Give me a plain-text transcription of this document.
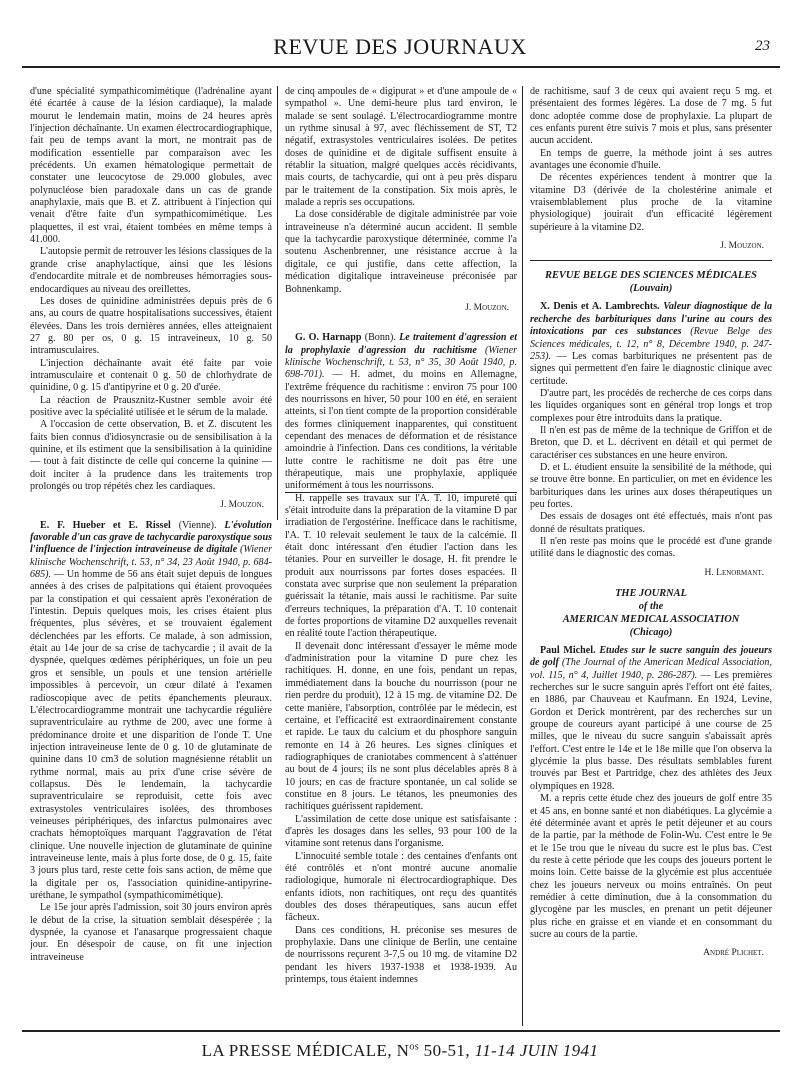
REVUE DES JOURNAUX	23

d'une spécialité sympathicomimétique (l'adrénaline ayant été écartée à cause de la lésion cardiaque), la malade mourut le lendemain matin, moins de 24 heures après l'injection déchaînante. Un examen électrocardiographique, fait peu de temps avant la mort, ne montrait pas de modification essentielle par comparaison avec les précédents. Un examen hématologique permettait de constater une leucocytose de 29.000 globules, avec polynucléose bien paradoxale dans un cas de grande anaphylaxie, mais que B. et Z. attribuent à l'injection qui venait d'être faite d'un sympathicomimétique. Les plaquettes, il est vrai, étaient tombées en même temps à 41.000.

L'autopsie permit de retrouver les lésions classiques de la grande crise anaphylactique, ainsi que les lésions d'endocardite mitrale et de nombreuses hémorragies sous-endocardiques au niveau des oreillettes.

Les doses de quinidine administrées depuis près de 6 ans, au cours de quatre hospitalisations successives, étaient élevées. Dans les trois dernières années, elles atteignaient 27 g. 80 per os, 0 g. 15 intraveineux, 10 g. 50 intramusculaires.

L'injection déchaînante avait été faite par voie intramusculaire et contenait 0 g. 50 de chlorhydrate de quinidine, 0 g. 15 d'antipyrine et 0 g. 20 d'urée.

La réaction de Prausznitz-Kustner semble avoir été positive avec la spécialité utilisée et le sérum de la malade.

A l'occasion de cette observation, B. et Z. discutent les faits bien connus d'idiosyncrasie ou de sensibilisation à la quinine, et ils estiment que la sensibilisation à la quinidine — tout à fait distincte de celle qui concerne la quinine — doit inciter à la prudence dans les traitements trop prolongés ou trop répétés chez les cardiaques.

J. Mouzon.

E. F. Hueber et E. Rissel (Vienne). L'évolution favorable d'un cas grave de tachycardie paroxystique sous l'influence de l'injection intraveineuse de digitale (Wiener klinische Wochenschrift, t. 53, n° 34, 23 Août 1940, p. 684-685). — Un homme de 56 ans était sujet depuis de longues années à des crises de palpitations qui étaient provoquées par la constipation et qui cessaient après l'exonération de l'intestin. Depuis quelques mois, les crises étaient plus fréquentes, plus sévères, et se trouvaient également déclenchées par les efforts. Ce malade, à son admission, était au 14e jour de sa crise de tachycardie ; il avait de la dyspnée, quelques œdèmes périphériques, un foie un peu gros et sensible, un pouls et une tension artérielle impossibles à percevoir, un cœur dilaté à l'examen radioscopique avec de petits épanchements pleuraux. L'électrocardiogramme montrait une tachycardie régulière supraventriculaire au rythme de 200, avec une forme à prédominance droite et une disparition de l'onde T. Une injection intraveineuse lente de 0 g. 10 de glutaminate de quinine dans 10 cm3 de solution magnésienne rétablit un rythme normal, mais au prix d'une crise sévère de collapsus. Dès le lendemain, la tachycardie supraventriculaire se reproduisit, cette fois avec extrasystoles ventriculaires isolées, des thromboses veineuses périphériques, des infarctus pulmonaires avec crachats hémoptoïques marquant l'aggravation de l'état clinique. Une nouvelle injection de glutaminate de quinine intraveineuse lente, mais à plus forte dose, de 0 g. 15, faite 3 jours plus tard, reste cette fois sans action, de même que la digitale per os, l'association quinidine-antipyrine-uréthane, le sympathol (sympathicomimétique).

Le 15e jour après l'admission, soit 30 jours environ après le début de la crise, la situation semblait désespérée ; la dyspnée, la cyanose et l'anasarque progressaient chaque jour. En désespoir de cause, on fit une injection intraveineuse

de cinq ampoules de « digipurat » et d'une ampoule de « sympathol ». Une demi-heure plus tard environ, le malade se sent soulagé. L'électrocardiogramme montre un rythme sinusal à 97, avec fléchissement de ST, T2 négatif, extrasystoles ventriculaires isolées. De petites doses de quinidine et de digitale suffisent ensuite à rétablir la situation, malgré quelques accès récidivants, mais courts, de tachycardie, qui ont à peu près disparu par le traitement de la constipation. Six mois après, le malade a repris ses occupations.

La dose considérable de digitale administrée par voie intraveineuse n'a déterminé aucun accident. Il semble que la tachycardie paroxystique déterminée, comme l'a soutenu Aschenbrenner, une résistance accrue à la digitale, ce qui justifie, dans cette affection, la médication digitalique intraveineuse préconisée par Bohnenkamp.

J. Mouzon.

G. O. Harnapp (Bonn). Le traitement d'agression et la prophylaxie d'agression du rachitisme (Wiener klinische Wochenschrift, t. 53, n° 35, 30 Août 1940, p. 698-701). — H. admet, du moins en Allemagne, l'extrême fréquence du rachitisme : environ 75 pour 100 des nourrissons en hiver, 50 pour 100 en été, en seraient atteints, si l'on tient compte de la proportion considérable des formes cliniquement inapparentes, qui constituent cependant des menaces de déformation et de résistance amoindrie à l'infection. Dans ces conditions, la véritable lutte contre le rachitisme ne doit pas être une thérapeutique, mais une prophylaxie, appliquée uniformément à tous les nourrissons.

H. rappelle ses travaux sur l'A. T. 10, impureté qui s'était introduite dans la préparation de la vitamine D par irradiation de l'ergostérine. Inefficace dans le rachitisme, l'A. T. 10 relevait seulement le taux de la calcémie. Il était donc intéressant d'en étudier l'action dans les tétanies. Pour en surveiller le dosage, H. fit prendre le produit aux nourrissons par fortes doses espacées. Il constata avec surprise que non seulement la préparation guérissait la tétanie, mais aussi le rachitisme. Par suite d'erreurs techniques, la préparation d'A. T. 10 contenait de fortes proportions de vitamine D2 auxquelles revenait en réalité toute l'action thérapeutique.

Il devenait donc intéressant d'essayer le même mode d'administration pour la vitamine D pure chez les rachitiques. H. donne, en une fois, pendant un repas, immédiatement dans la bouche du nourrisson (pour ne rien perdre du produit), 12 à 15 mg. de vitamine D2. De cette manière, l'absorption, contrôlée par le médecin, est certaine, et l'efficacité est extraordinairement constante et rapide. Le taux du calcium et du phosphore sanguin remonte en 14 à 26 heures. Les signes cliniques et radiographiques de craniotabes commencent à s'atténuer au bout de 4 jours; ils ne sont plus décelables après 8 à 10 jours; en cas de fracture spontanée, un cal solide se constitue en 8 jours. Le tétanos, les pneumonies des rachitiques guérissent rapidement.

L'assimilation de cette dose unique est satisfaisante : d'après les dosages dans les selles, 93 pour 100 de la vitamine sont retenus dans l'organisme.

L'innocuité semble totale : des centaines d'enfants ont été contrôlés et n'ont montré aucune anomalie radiologique, humorale ni électrocardiographique. Des enfants idiots, non rachitiques, ont reçu des quantités doubles des doses thérapeutiques, sans aucun effet fâcheux.

Dans ces conditions, H. préconise ses mesures de prophylaxie. Dans une clinique de Berlin, une centaine de nourrissons reçurent 3-7,5 ou 10 mg. de vitamine D2 pendant les hivers 1937-1938 et 1938-1939. Au printemps, tous étaient indemnes

de rachitisme, sauf 3 de ceux qui avaient reçu 5 mg. et présentaient des formes légères. La dose de 7 mg. 5 fut donc adoptée comme dose de prophylaxie. La plupart de ces enfants purent être suivis 7 mois et plus, sans présenter aucun accident.

En temps de guerre, la méthode joint à ses autres avantages une économie d'huile.

De récentes expériences tendent à montrer que la vitamine D3 (dérivée de la cholestérine animale et vraisemblablement plus proche de la vitamine physiologique) jouirait d'un efficacité légèrement supérieure à la vitamine D2.

J. Mouzon.

REVUE BELGE DES SCIENCES MÉDICALES
(Louvain)

X. Denis et A. Lambrechts. Valeur diagnostique de la recherche des barbituriques dans l'urine au cours des intoxications par ces substances (Revue Belge des Sciences médicales, t. 12, n° 8, Décembre 1940, p. 247-253). — Les comas barbituriques ne présentent pas de signes qui permettent d'en faire le diagnostic clinique avec certitude.

D'autre part, les procédés de recherche de ces corps dans les liquides organiques sont en général trop longs et trop complexes pour être introduits dans la pratique.

Il n'en est pas de même de la technique de Griffon et de Breton, que D. et L. décrivent en détail et qui permet de caractériser ces substances en une heure environ.

D. et L. étudient ensuite la sensibilité de la méthode, qui se trouve être bonne. En particulier, on met en évidence les barbituriques dans les urines aux doses thérapeutiques un peu fortes.

Des essais de dosages ont été effectués, mais n'ont pas donné de résultats pratiques.

Il n'en reste pas moins que le procédé est d'une grande utilité dans le diagnostic des comas.

H. Lenormant.

THE JOURNAL
of the
AMERICAN MEDICAL ASSOCIATION
(Chicago)

Paul Michel. Etudes sur le sucre sanguin des joueurs de golf (The Journal of the American Medical Association, vol. 115, n° 4, Juillet 1940, p. 286-287). — Les premières recherches sur le sucre sanguin après l'effort ont été faites, en 1886, par Chauveau et Kaufmann. En 1924, Levine, Gordon et Derick montrèrent, par des recherches sur un groupe de coureurs ayant participé à une course de 25 milles, que le niveau du sucre sanguin s'abaissait après l'effort. C'est entre le 14e et le 18e mille que l'on observa la glycémie la plus basse. Des résultats semblables furent trouvés par Best et Partridge, chez des athlètes des Jeux olympiques en 1928.

M. a repris cette étude chez des joueurs de golf entre 35 et 45 ans, en bonne santé et non diabétiques. La glycémie a été déterminée avant et après le petit déjeuner et au cours de la partie, par la méthode de Folin-Wu. C'est entre le 9e et le 15e trou que le niveau du sucre est le plus bas. C'est du reste à cette période que les coups des joueurs portent le moins loin. Cette baisse de la glycémie est plus accentuée chez les joueurs nerveux ou moins entraînés. On peut remédier à cette diminution, due à la consommation du glycogène par les muscles, en prenant un petit déjeuner plus riche en graisse et en viande et en consommant du sucre au cours de la partie.

André Plichet.

LA PRESSE MÉDICALE, $N^{os}$ 50-51, 11-14 JUIN 1941
